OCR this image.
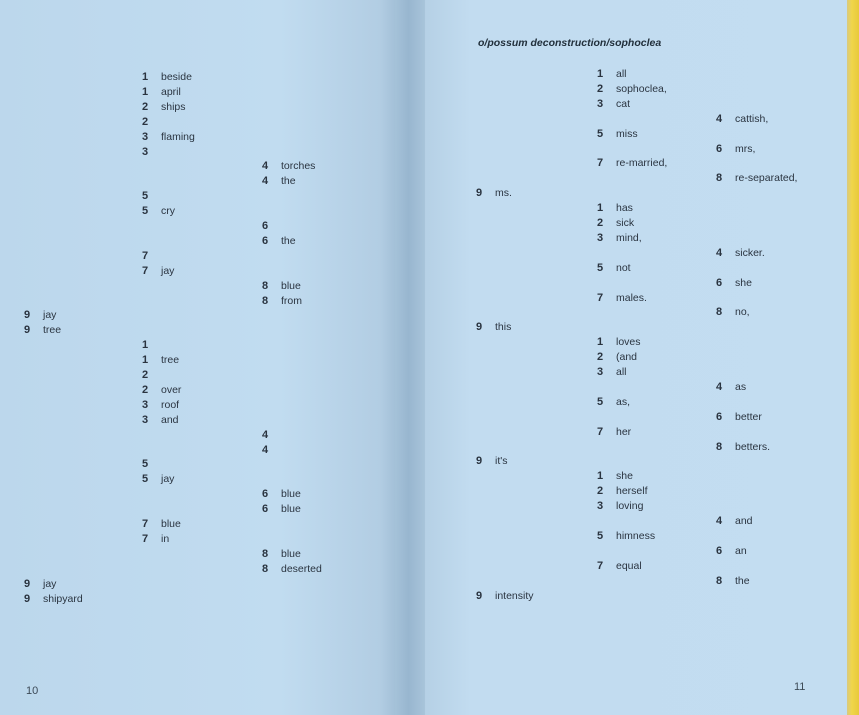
o/possum deconstruction/sophoclea
1 beside
1 april
2 ships
2
3 flaming
3
4 torches
4 the
5
5 cry
6
6 the
7
7 jay
8 blue
8 from
9 jay
9 tree
1
1 tree
2
2 over
3 roof
3 and
4
4
5
5 jay
6 blue
6 blue
7 blue
7 in
8 blue
8 deserted
9 jay
9 shipyard
1 all
2 sophoclea,
3 cat
4 cattish,
5 miss
6 mrs,
7 re-married,
8 re-separated,
9 ms.
1 has
2 sick
3 mind,
4 sicker.
5 not
6 she
7 males.
8 no,
9 this
1 loves
2 (and
3 all
4 as
5 as,
6 better
7 her
8 betters.
9 it's
1 she
2 herself
3 loving
4 and
5 himness
6 an
7 equal
8 the
9 intensity
10	11
